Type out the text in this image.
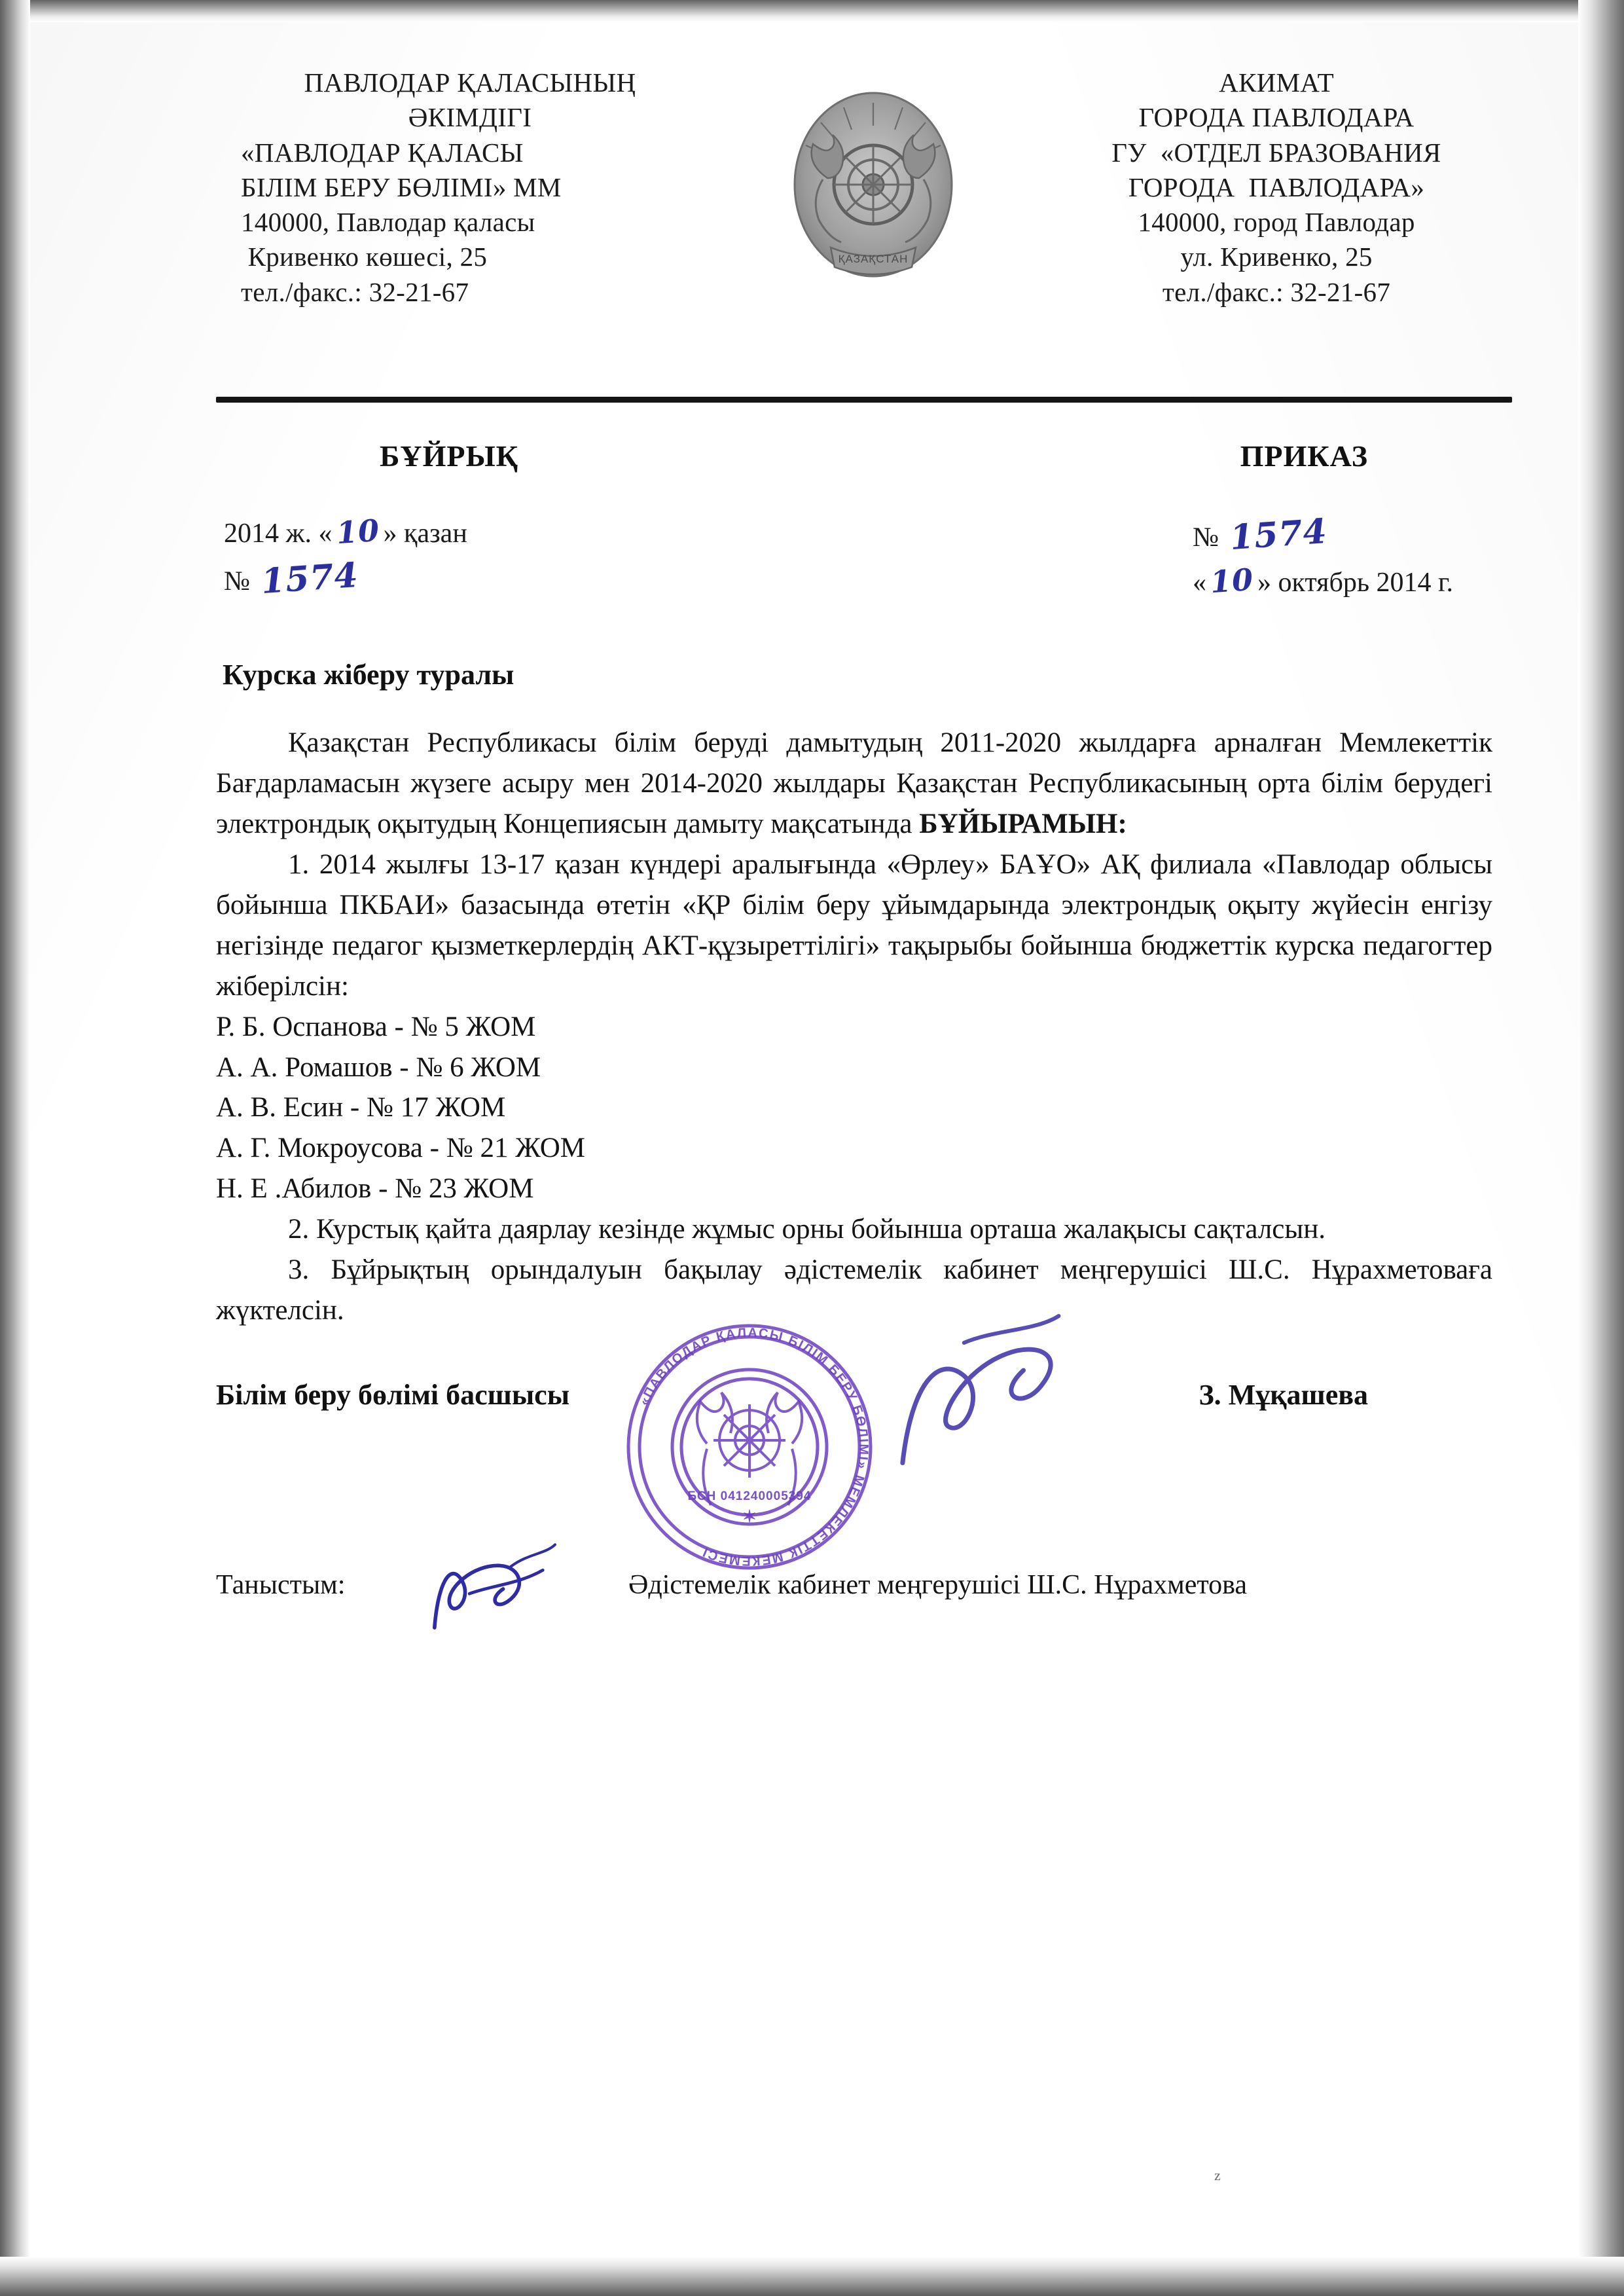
ПАВЛОДАР ҚАЛАСЫНЫҢ
ӘКІМДІГІ
«ПАВЛОДАР ҚАЛАСЫ
БІЛІМ БЕРУ БӨЛІМІ» ММ
140000, Павлодар қаласы
Кривенко көшесі, 25
тел./факс.: 32-21-67
ҚАЗАҚСТАН
АКИМАТ
ГОРОДА ПАВЛОДАРА
ГУ  «ОТДЕЛ БРАЗОВАНИЯ
ГОРОДА  ПАВЛОДАРА»
140000, город Павлодар
ул. Кривенко, 25
тел./факс.: 32-21-67
БҰЙРЫҚ	ПРИКАЗ
2014 ж. «10 » қазан
№ 1574
№ 1574
«10 » октябрь 2014 г.
Курска жіберу туралы

Қазақстан Республикасы білім беруді дамытудың 2011-2020 жылдарға арналған Мемлекеттік Бағдарламасын жүзеге асыру мен 2014-2020 жылдары Қазақстан Республикасының орта білім берудегі электрондық оқытудың Концепиясын дамыту мақсатында БҰЙЫРАМЫН:

1. 2014 жылғы 13-17 қазан күндері аралығында «Өрлеу» БАҰО» АҚ филиала «Павлодар облысы бойынша ПКБАИ» базасында өтетін «ҚР білім беру ұйымдарында электрондық оқыту жүйесін енгізу негізінде педагог қызметкерлердің АКТ-құзыреттілігі» тақырыбы бойынша бюджеттік курска педагогтер жіберілсін:

Р. Б. Оспанова - № 5 ЖОМ

А. А. Ромашов - № 6 ЖОМ

А. В. Есин - № 17 ЖОМ

А. Г. Мокроусова - № 21 ЖОМ

Н. Е .Абилов - № 23 ЖОМ

2. Курстық қайта даярлау кезінде жұмыс орны бойынша орташа жалақысы сақталсын.

3. Бұйрықтың орындалуын бақылау әдістемелік кабинет меңгерушісі Ш.С. Нұрахметоваға жүктелсін.

Білім беру бөлімі басшысы	«ПАВЛОДАР ҚАЛАСЫ БІЛІМ БЕРУ БӨЛІМІ» МЕМЛЕКЕТТІК МЕКЕМЕСІ
БСН 041240005394
✶
З. Мұқашева
Таныстым:	Әдістемелік кабинет меңгерушісі Ш.С. Нұрахметова
z
